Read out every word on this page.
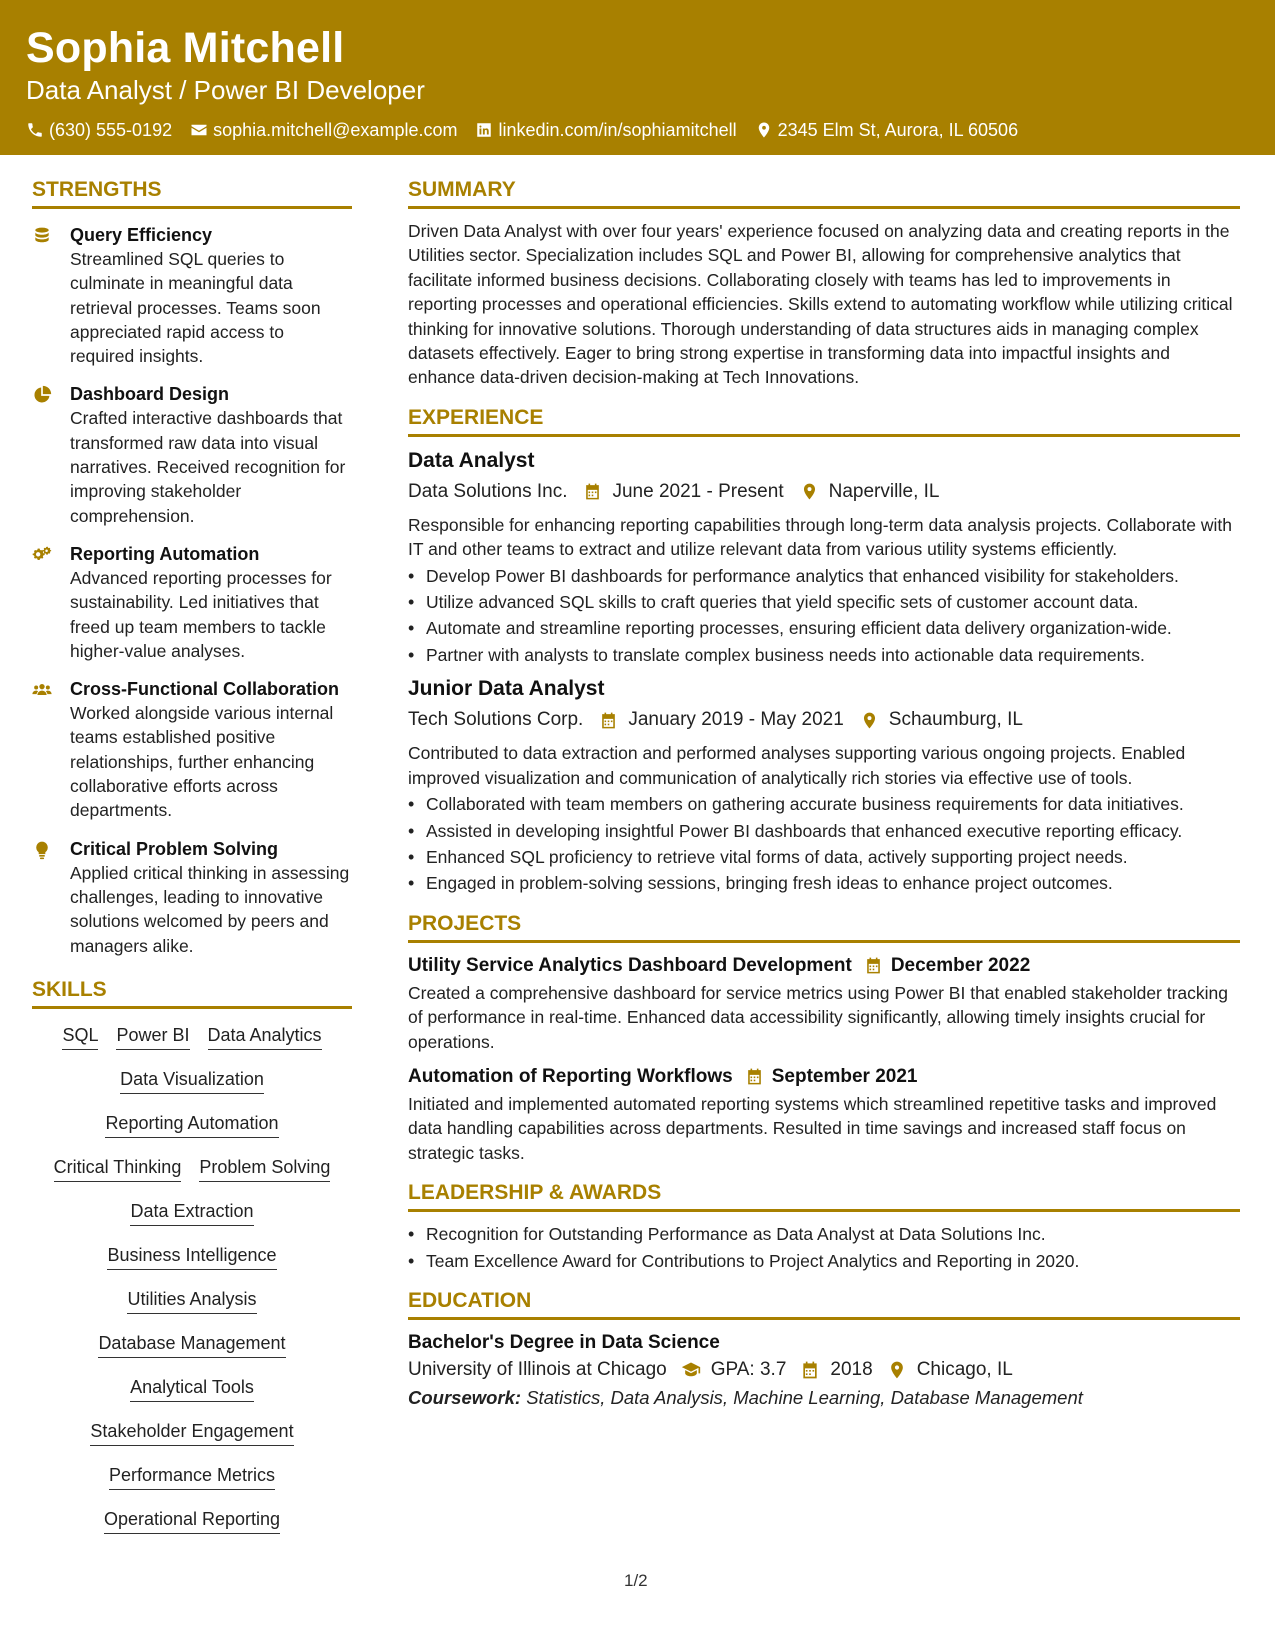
Sophia Mitchell
Data Analyst / Power BI Developer
(630) 555-0192 sophia.mitchell@example.com linkedin.com/in/sophiamitchell 2345 Elm St, Aurora, IL 60506
STRENGTHS
Query Efficiency
Streamlined SQL queries to culminate in meaningful data retrieval processes. Teams soon appreciated rapid access to required insights.
Dashboard Design
Crafted interactive dashboards that transformed raw data into visual narratives. Received recognition for improving stakeholder comprehension.
Reporting Automation
Advanced reporting processes for sustainability. Led initiatives that freed up team members to tackle higher-value analyses.
Cross-Functional Collaboration
Worked alongside various internal teams established positive relationships, further enhancing collaborative efforts across departments.
Critical Problem Solving
Applied critical thinking in assessing challenges, leading to innovative solutions welcomed by peers and managers alike.
SKILLS
SQL Power BI Data Analytics
Data Visualization
Reporting Automation
Critical Thinking Problem Solving
Data Extraction
Business Intelligence
Utilities Analysis
Database Management
Analytical Tools
Stakeholder Engagement
Performance Metrics
Operational Reporting
SUMMARY
Driven Data Analyst with over four years' experience focused on analyzing data and creating reports in the Utilities sector. Specialization includes SQL and Power BI, allowing for comprehensive analytics that facilitate informed business decisions. Collaborating closely with teams has led to improvements in reporting processes and operational efficiencies. Skills extend to automating workflow while utilizing critical thinking for innovative solutions. Thorough understanding of data structures aids in managing complex datasets effectively. Eager to bring strong expertise in transforming data into impactful insights and enhance data-driven decision-making at Tech Innovations.
EXPERIENCE
Data Analyst
Data Solutions Inc. June 2021 - Present Naperville, IL
Responsible for enhancing reporting capabilities through long-term data analysis projects. Collaborate with IT and other teams to extract and utilize relevant data from various utility systems efficiently.
• Develop Power BI dashboards for performance analytics that enhanced visibility for stakeholders.
• Utilize advanced SQL skills to craft queries that yield specific sets of customer account data.
• Automate and streamline reporting processes, ensuring efficient data delivery organization-wide.
• Partner with analysts to translate complex business needs into actionable data requirements.
Junior Data Analyst
Tech Solutions Corp. January 2019 - May 2021 Schaumburg, IL
Contributed to data extraction and performed analyses supporting various ongoing projects. Enabled improved visualization and communication of analytically rich stories via effective use of tools.
• Collaborated with team members on gathering accurate business requirements for data initiatives.
• Assisted in developing insightful Power BI dashboards that enhanced executive reporting efficacy.
• Enhanced SQL proficiency to retrieve vital forms of data, actively supporting project needs.
• Engaged in problem-solving sessions, bringing fresh ideas to enhance project outcomes.
PROJECTS
Utility Service Analytics Dashboard Development December 2022
Created a comprehensive dashboard for service metrics using Power BI that enabled stakeholder tracking of performance in real-time. Enhanced data accessibility significantly, allowing timely insights crucial for operations.
Automation of Reporting Workflows September 2021
Initiated and implemented automated reporting systems which streamlined repetitive tasks and improved data handling capabilities across departments. Resulted in time savings and increased staff focus on strategic tasks.
LEADERSHIP & AWARDS
• Recognition for Outstanding Performance as Data Analyst at Data Solutions Inc.
• Team Excellence Award for Contributions to Project Analytics and Reporting in 2020.
EDUCATION
Bachelor's Degree in Data Science
University of Illinois at Chicago GPA: 3.7 2018 Chicago, IL
Coursework: Statistics, Data Analysis, Machine Learning, Database Management
1/2
